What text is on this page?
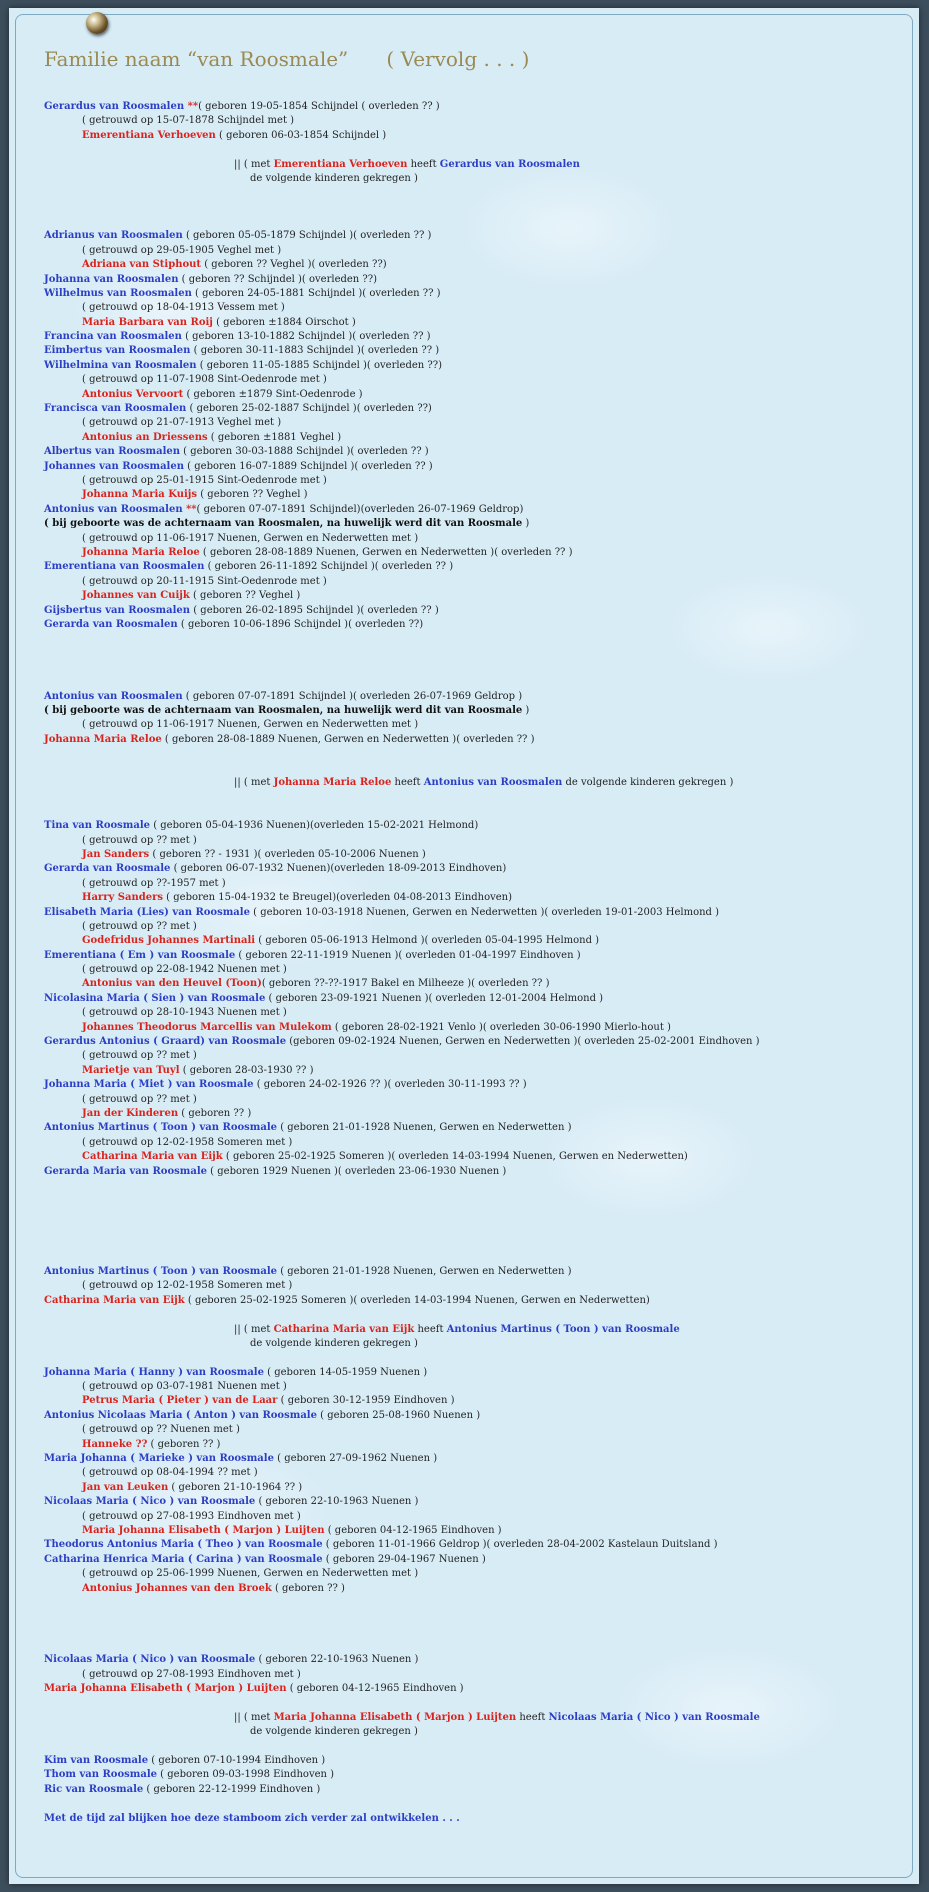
Familie naam “van Roosmale”      ( Vervolg . . . )
Gerardus van Roosmalen **( geboren 19-05-1854 Schijndel ( overleden ?? )
( getrouwd op 15-07-1878 Schijndel met )
Emerentiana Verhoeven ( geboren 06-03-1854 Schijndel )
|| ( met Emerentiana Verhoeven heeft Gerardus van Roosmalen
de volgende kinderen gekregen )
Adrianus van Roosmalen ( geboren 05-05-1879 Schijndel )( overleden ?? )
( getrouwd op 29-05-1905 Veghel met )
Adriana van Stiphout ( geboren ?? Veghel )( overleden ??)
Johanna van Roosmalen ( geboren ?? Schijndel )( overleden ??)
Wilhelmus van Roosmalen ( geboren 24-05-1881 Schijndel )( overleden ?? )
( getrouwd op 18-04-1913 Vessem met )
Maria Barbara van Roij ( geboren ±1884 Oirschot )
Francina van Roosmalen ( geboren 13-10-1882 Schijndel )( overleden ?? )
Eimbertus van Roosmalen ( geboren 30-11-1883 Schijndel )( overleden ?? )
Wilhelmina van Roosmalen ( geboren 11-05-1885 Schijndel )( overleden ??)
( getrouwd op 11-07-1908 Sint-Oedenrode met )
Antonius Vervoort ( geboren ±1879 Sint-Oedenrode )
Francisca van Roosmalen ( geboren 25-02-1887 Schijndel )( overleden ??)
( getrouwd op 21-07-1913 Veghel met )
Antonius an Driessens ( geboren ±1881 Veghel )
Albertus van Roosmalen ( geboren 30-03-1888 Schijndel )( overleden ?? )
Johannes van Roosmalen ( geboren 16-07-1889 Schijndel )( overleden ?? )
( getrouwd op 25-01-1915 Sint-Oedenrode met )
Johanna Maria Kuijs ( geboren ?? Veghel )
Antonius van Roosmalen **( geboren 07-07-1891 Schijndel)(overleden 26-07-1969 Geldrop)
( bij geboorte was de achternaam van Roosmalen, na huwelijk werd dit van Roosmale )
( getrouwd op 11-06-1917 Nuenen, Gerwen en Nederwetten met )
Johanna Maria Reloe ( geboren 28-08-1889 Nuenen, Gerwen en Nederwetten )( overleden ?? )
Emerentiana van Roosmalen ( geboren 26-11-1892 Schijndel )( overleden ?? )
( getrouwd op 20-11-1915 Sint-Oedenrode met )
Johannes van Cuijk ( geboren ?? Veghel )
Gijsbertus van Roosmalen ( geboren 26-02-1895 Schijndel )( overleden ?? )
Gerarda van Roosmalen ( geboren 10-06-1896 Schijndel )( overleden ??)
Antonius van Roosmalen ( geboren 07-07-1891 Schijndel )( overleden 26-07-1969 Geldrop )
( bij geboorte was de achternaam van Roosmalen, na huwelijk werd dit van Roosmale )
( getrouwd op 11-06-1917 Nuenen, Gerwen en Nederwetten met )
Johanna Maria Reloe ( geboren 28-08-1889 Nuenen, Gerwen en Nederwetten )( overleden ?? )
|| ( met Johanna Maria Reloe heeft Antonius van Roosmalen de volgende kinderen gekregen )
Tina van Roosmale ( geboren 05-04-1936 Nuenen)(overleden 15-02-2021 Helmond)
( getrouwd op ?? met )
Jan Sanders ( geboren ?? - 1931 )( overleden 05-10-2006 Nuenen )
Gerarda van Roosmale ( geboren 06-07-1932 Nuenen)(overleden 18-09-2013 Eindhoven)
( getrouwd op ??-1957 met )
Harry Sanders ( geboren 15-04-1932 te Breugel)(overleden 04-08-2013 Eindhoven)
Elisabeth Maria (Lies) van Roosmale ( geboren 10-03-1918 Nuenen, Gerwen en Nederwetten )( overleden 19-01-2003 Helmond )
( getrouwd op ?? met )
Godefridus Johannes Martinali ( geboren 05-06-1913 Helmond )( overleden 05-04-1995 Helmond )
Emerentiana ( Em ) van Roosmale ( geboren 22-11-1919 Nuenen )( overleden 01-04-1997 Eindhoven )
( getrouwd op 22-08-1942 Nuenen met )
Antonius van den Heuvel (Toon)( geboren ??-??-1917 Bakel en Milheeze )( overleden ?? )
Nicolasina Maria ( Sien ) van Roosmale ( geboren 23-09-1921 Nuenen )( overleden 12-01-2004 Helmond )
( getrouwd op 28-10-1943 Nuenen met )
Johannes Theodorus Marcellis van Mulekom ( geboren 28-02-1921 Venlo )( overleden 30-06-1990 Mierlo-hout )
Gerardus Antonius ( Graard) van Roosmale (geboren 09-02-1924 Nuenen, Gerwen en Nederwetten )( overleden 25-02-2001 Eindhoven )
( getrouwd op ?? met )
Marietje van Tuyl ( geboren 28-03-1930 ?? )
Johanna Maria ( Miet ) van Roosmale ( geboren 24-02-1926 ?? )( overleden 30-11-1993 ?? )
( getrouwd op ?? met )
Jan der Kinderen ( geboren ?? )
Antonius Martinus ( Toon ) van Roosmale ( geboren 21-01-1928 Nuenen, Gerwen en Nederwetten )
( getrouwd op 12-02-1958 Someren met )
Catharina Maria van Eijk ( geboren 25-02-1925 Someren )( overleden 14-03-1994 Nuenen, Gerwen en Nederwetten)
Gerarda Maria van Roosmale ( geboren 1929 Nuenen )( overleden 23-06-1930 Nuenen )
Antonius Martinus ( Toon ) van Roosmale ( geboren 21-01-1928 Nuenen, Gerwen en Nederwetten )
( getrouwd op 12-02-1958 Someren met )
Catharina Maria van Eijk ( geboren 25-02-1925 Someren )( overleden 14-03-1994 Nuenen, Gerwen en Nederwetten)
|| ( met Catharina Maria van Eijk heeft Antonius Martinus ( Toon ) van Roosmale
de volgende kinderen gekregen )
Johanna Maria ( Hanny ) van Roosmale ( geboren 14-05-1959 Nuenen )
( getrouwd op 03-07-1981 Nuenen met )
Petrus Maria ( Pieter ) van de Laar ( geboren 30-12-1959 Eindhoven )
Antonius Nicolaas Maria ( Anton ) van Roosmale ( geboren 25-08-1960 Nuenen )
( getrouwd op ?? Nuenen met )
Hanneke ?? ( geboren ?? )
Maria Johanna ( Marieke ) van Roosmale ( geboren 27-09-1962 Nuenen )
( getrouwd op 08-04-1994 ?? met )
Jan van Leuken ( geboren 21-10-1964 ?? )
Nicolaas Maria ( Nico ) van Roosmale ( geboren 22-10-1963 Nuenen )
( getrouwd op 27-08-1993 Eindhoven met )
Maria Johanna Elisabeth ( Marjon ) Luijten ( geboren 04-12-1965 Eindhoven )
Theodorus Antonius Maria ( Theo ) van Roosmale ( geboren 11-01-1966 Geldrop )( overleden 28-04-2002 Kastelaun Duitsland )
Catharina Henrica Maria ( Carina ) van Roosmale ( geboren 29-04-1967 Nuenen )
( getrouwd op 25-06-1999 Nuenen, Gerwen en Nederwetten met )
Antonius Johannes van den Broek ( geboren ?? )
Nicolaas Maria ( Nico ) van Roosmale ( geboren 22-10-1963 Nuenen )
( getrouwd op 27-08-1993 Eindhoven met )
Maria Johanna Elisabeth ( Marjon ) Luijten ( geboren 04-12-1965 Eindhoven )
|| ( met Maria Johanna Elisabeth ( Marjon ) Luijten heeft Nicolaas Maria ( Nico ) van Roosmale
de volgende kinderen gekregen )
Kim van Roosmale ( geboren 07-10-1994 Eindhoven )
Thom van Roosmale ( geboren 09-03-1998 Eindhoven )
Ric van Roosmale ( geboren 22-12-1999 Eindhoven )
Met de tijd zal blijken hoe deze stamboom zich verder zal ontwikkelen . . .
